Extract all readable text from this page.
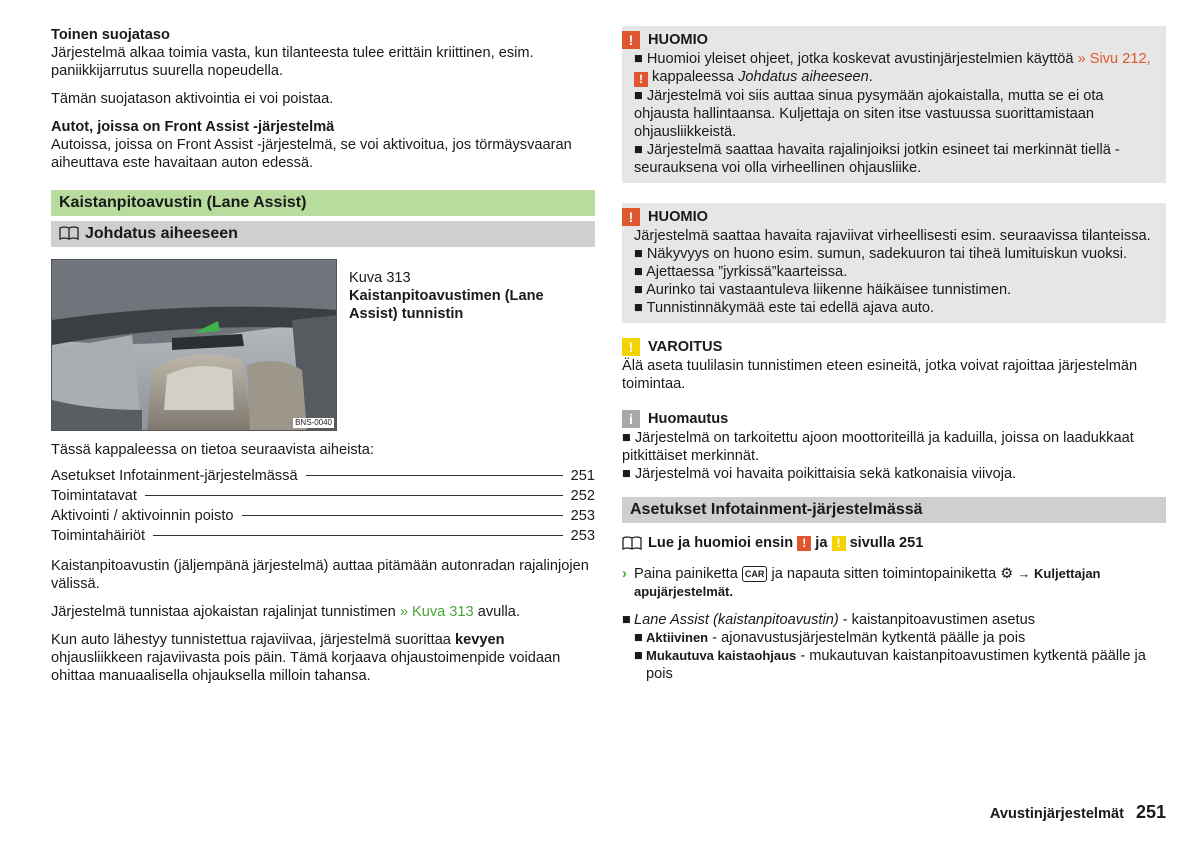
Toinen suojataso

Järjestelmä alkaa toimia vasta, kun tilanteesta tulee erittäin kriittinen, esim. paniikkijarrutus suurella nopeudella.

Tämän suojatason aktivointia ei voi poistaa.

Autot, joissa on Front Assist -järjestelmä

Autoissa, joissa on Front Assist -järjestelmä, se voi aktivoitua, jos törmäysvaaran aiheuttava este havaitaan auton edessä.

Kaistanpitoavustin (Lane Assist)
Johdatus aiheeseen
BNS-0040

Kuva 313

Kaistanpitoavustimen (Lane Assist) tunnistin

Tässä kappaleessa on tietoa seuraavista aiheista:

Asetukset Infotainment-järjestelmässä	251
Toimintatavat	252
Aktivointi / aktivoinnin poisto	253
Toimintahäiriöt	253

Kaistanpitoavustin (jäljempänä järjestelmä) auttaa pitämään autonradan rajalinjojen välissä.

Järjestelmä tunnistaa ajokaistan rajalinjat tunnistimen » Kuva 313 avulla.

Kun auto lähestyy tunnistettua rajaviivaa, järjestelmä suorittaa kevyen ohjausliikkeen rajaviivasta pois päin. Tämä korjaava ohjaustoimenpide voidaan ohittaa manuaalisella ohjauksella milloin tahansa.

!	HUOMIO

■ Huomioi yleiset ohjeet, jotka koskevat avustinjärjestelmien käyttöä » Sivu 212, ! kappaleessa Johdatus aiheeseen.

■ Järjestelmä voi siis auttaa sinua pysymään ajokaistalla, mutta se ei ota ohjausta hallintaansa. Kuljettaja on siten itse vastuussa suorittamistaan ohjausliikkeistä.

■ Järjestelmä saattaa havaita rajalinjoiksi jotkin esineet tai merkinnät tiellä - seurauksena voi olla virheellinen ohjausliike.

!	HUOMIO

Järjestelmä saattaa havaita rajaviivat virheellisesti esim. seuraavissa tilanteissa.

■ Näkyvyys on huono esim. sumun, sadekuuron tai tiheä lumituiskun vuoksi.

■ Ajettaessa ”jyrkissä”kaarteissa.

■ Aurinko tai vastaantuleva liikenne häikäisee tunnistimen.

■ Tunnistinnäkymää este tai edellä ajava auto.

!	VAROITUS

Älä aseta tuulilasin tunnistimen eteen esineitä, jotka voivat rajoittaa järjestelmän toimintaa.

i	Huomautus

■ Järjestelmä on tarkoitettu ajoon moottoriteillä ja kaduilla, joissa on laadukkaat pitkittäiset merkinnät.

■ Järjestelmä voi havaita poikittaisia sekä katkonaisia viivoja.

Asetukset Infotainment-järjestelmässä
Lue ja huomioi ensin
!
ja
!
sivulla 251
› Paina painiketta CAR ja napauta sitten toimintopainiketta ⚙ → Kuljettajan apujärjestelmät.
■ Lane Assist (kaistanpitoavustin) - kaistanpitoavustimen asetus
■ Aktiivinen - ajonavustusjärjestelmän kytkentä päälle ja pois
■ Mukautuva kaistaohjaus - mukautuvan kaistanpitoavustimen kytkentä päälle ja pois
Avustinjärjestelmät 251
